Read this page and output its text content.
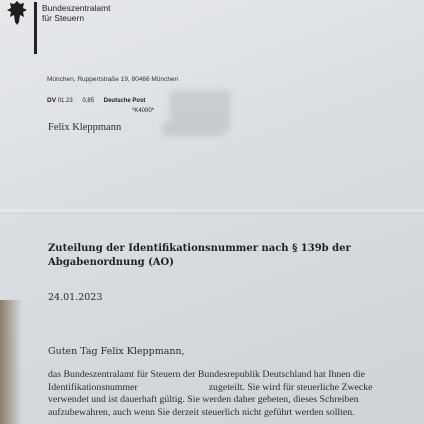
Bundeszentralamt
für Steuern
München, Ruppertstraße 19, 80466 München
DV 01.23 0,85 Deutsche Post
*K4000*
Felix Kleppmann
Zuteilung der Identifikationsnummer nach § 139b der
Abgabenordnung (AO)
24.01.2023
Guten Tag Felix Kleppmann,
das Bundeszentralamt für Steuern der Bundesrepublik Deutschland hat Ihnen die
Identifikationsnummer	zugeteilt. Sie wird für steuerliche Zwecke
verwendet und ist dauerhaft gültig. Sie werden daher gebeten, dieses Schreiben
aufzubewahren, auch wenn Sie derzeit steuerlich nicht geführt werden sollten.
